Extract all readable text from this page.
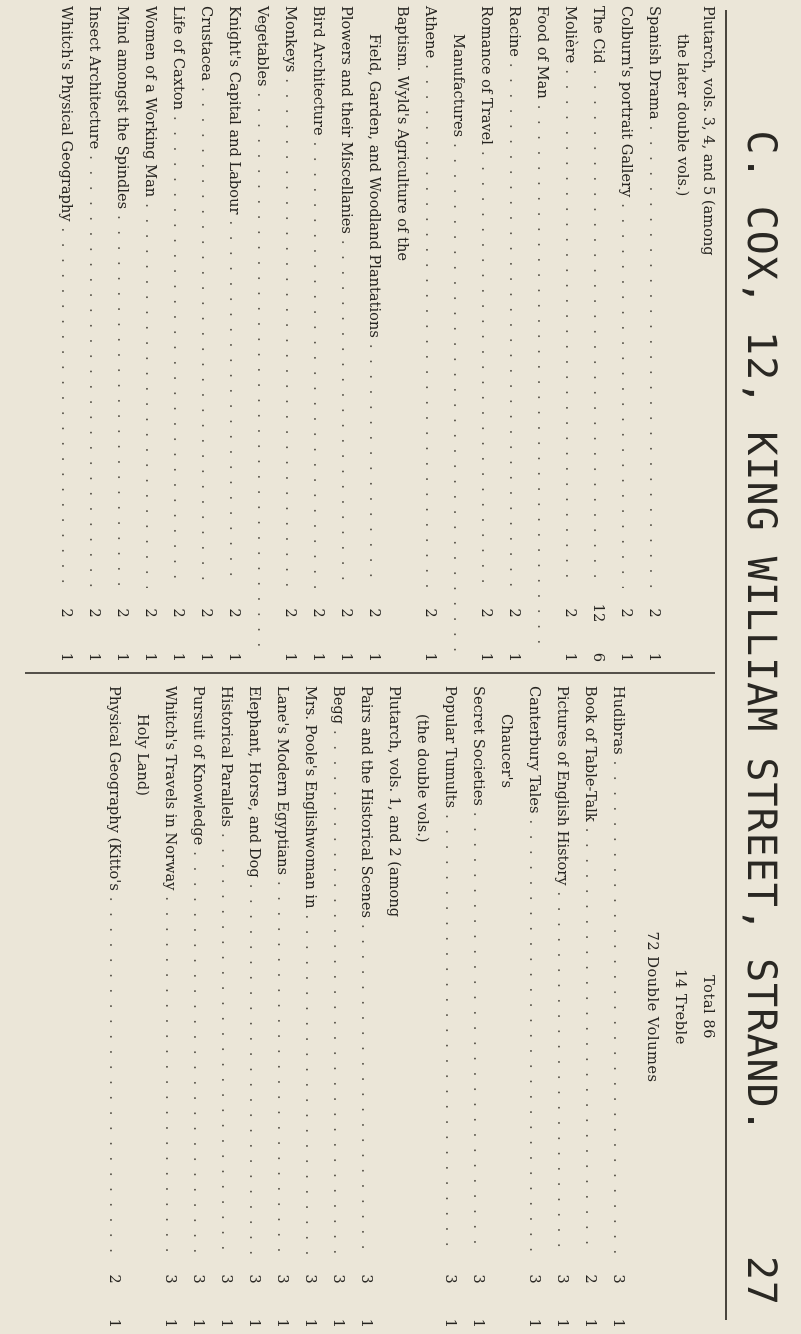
C. COX, 12, KING WILLIAM STREET, STRAND.
27
Plutarch, vols. 3, 4, and 5 (among
the later double vols.)
Spanish Drama
. . .
2
1
Colburn's portrait Gallery
. . .
2
1
The Cid
. . .
12
6
Molière
. . .
2
1
Food of Man
. . .
Racine
. . .
2
1
Romance of Travel
. . .
2
1
Manufactures
. . .
Athene
. . .
2
1
Baptism. Wyld's Agriculture of the
Field, Garden, and Woodland Plantations
. . .
2
1
Plowers and their Miscellanies
. . .
2
1
Bird Architecture
. . .
2
1
Monkeys
. . .
2
1
Vegetables
. . .
Knight's Capital and Labour
. . .
2
1
Crustacea
. . .
2
1
Life of Caxton
. . .
2
1
Women of a Working Man
. . .
2
1
Mind amongst the Spindles
. . .
2
1
Insect Architecture
. . .
2
1
Whitch's Physical Geography
. . .
2
1
Total 86
14 Treble
72 Double Volumes
Hudibras
. . .
3
1
Book of Table-Talk
. . .
2
1
Pictures of English History
. . .
3
1
Canterbury Tales
. . .
3
1
Chaucer's
Secret Societies
. . .
3
1
Popular Tumults
. . .
3
1
(the double vols.)
Plutarch, vols. 1, and 2 (among
Pairs and the Historical Scenes
. . .
3
1
Begg
. . .
3
1
Mrs. Poole's Englishwoman in
. . .
3
1
Lane's Modern Egyptians
. . .
3
1
Elephant, Horse, and Dog
. . .
3
1
Historical Parallels
. . .
3
1
Pursuit of Knowledge
. . .
3
1
Whitch's Travels in Norway
. . .
3
1
Holy Land)
Physical Geography (Kitto's
. . .
2
1
